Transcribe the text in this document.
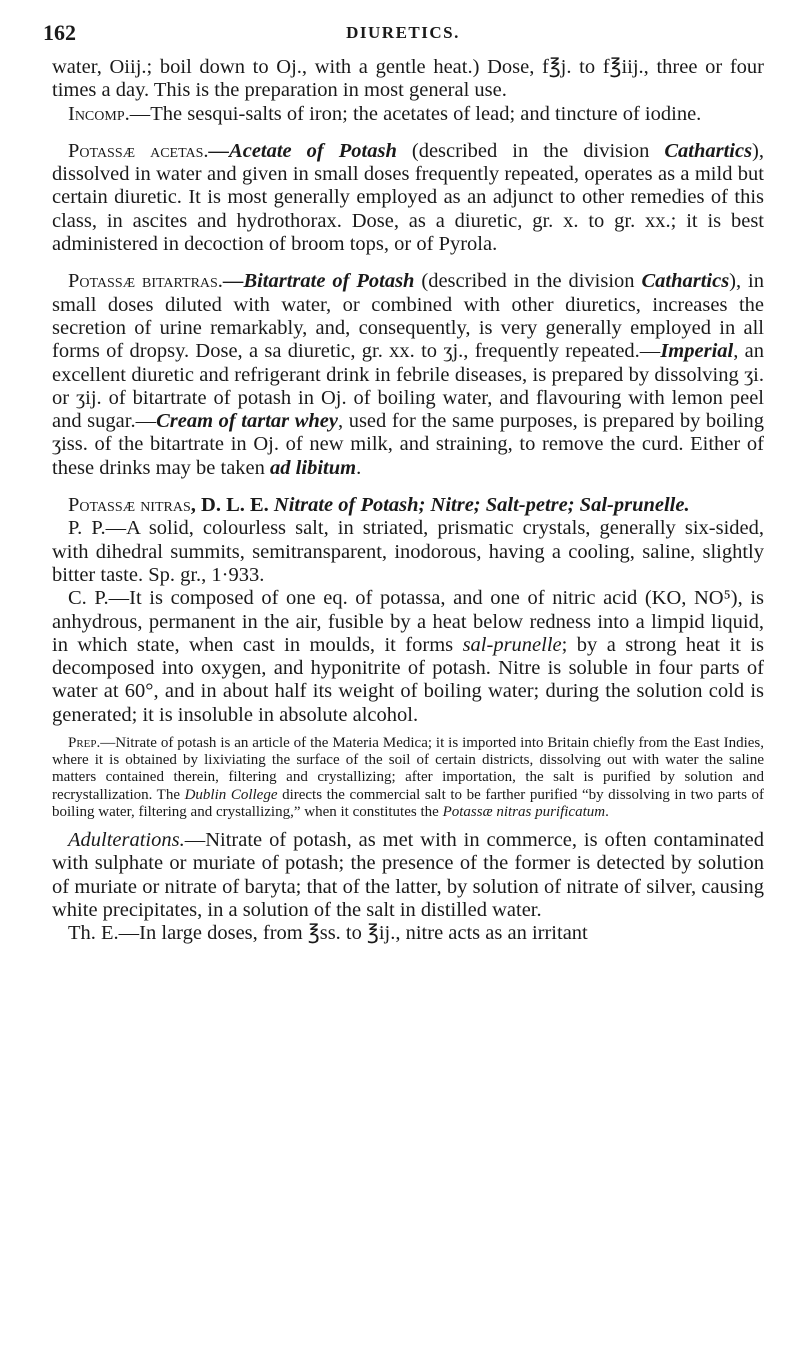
162	DIURETICS.

water, Oiij.; boil down to Oj., with a gentle heat.) Dose, f℥j. to f℥iij., three or four times a day. This is the preparation in most general use.

Incomp.—The sesqui-salts of iron; the acetates of lead; and tincture of iodine.

Potassæ acetas.—Acetate of Potash (described in the division Cathartics), dissolved in water and given in small doses frequently repeated, operates as a mild but certain diuretic. It is most generally employed as an adjunct to other remedies of this class, in ascites and hydrothorax. Dose, as a diuretic, gr. x. to gr. xx.; it is best administered in decoction of broom tops, or of Pyrola.

Potassæ bitartras.—Bitartrate of Potash (described in the division Cathartics), in small doses diluted with water, or combined with other diuretics, increases the secretion of urine remarkably, and, consequently, is very generally employed in all forms of dropsy. Dose, a sa diuretic, gr. xx. to ʒj., frequently repeated.—Imperial, an excellent diuretic and refrigerant drink in febrile diseases, is prepared by dissolving ʒi. or ʒij. of bitartrate of potash in Oj. of boiling water, and flavouring with lemon peel and sugar.—Cream of tartar whey, used for the same purposes, is prepared by boiling ʒiss. of the bitartrate in Oj. of new milk, and straining, to remove the curd. Either of these drinks may be taken ad libitum.

Potassæ nitras, D. L. E. Nitrate of Potash; Nitre; Salt-petre; Sal-prunelle.

P. P.—A solid, colourless salt, in striated, prismatic crystals, generally six-sided, with dihedral summits, semitransparent, inodorous, having a cooling, saline, slightly bitter taste. Sp. gr., 1·933.

C. P.—It is composed of one eq. of potassa, and one of nitric acid (KO, NO⁵), is anhydrous, permanent in the air, fusible by a heat below redness into a limpid liquid, in which state, when cast in moulds, it forms sal-prunelle; by a strong heat it is decomposed into oxygen, and hyponitrite of potash. Nitre is soluble in four parts of water at 60°, and in about half its weight of boiling water; during the solution cold is generated; it is insoluble in absolute alcohol.

Prep.—Nitrate of potash is an article of the Materia Medica; it is imported into Britain chiefly from the East Indies, where it is obtained by lixiviating the surface of the soil of certain districts, dissolving out with water the saline matters contained therein, filtering and crystallizing; after importation, the salt is purified by solution and recrystallization. The Dublin College directs the commercial salt to be farther purified “by dissolving in two parts of boiling water, filtering and crystallizing,” when it constitutes the Potassæ nitras purificatum.

Adulterations.—Nitrate of potash, as met with in commerce, is often contaminated with sulphate or muriate of potash; the presence of the former is detected by solution of muriate or nitrate of baryta; that of the latter, by solution of nitrate of silver, causing white precipitates, in a solution of the salt in distilled water.

Th. E.—In large doses, from ℥ss. to ℥ij., nitre acts as an irritant
